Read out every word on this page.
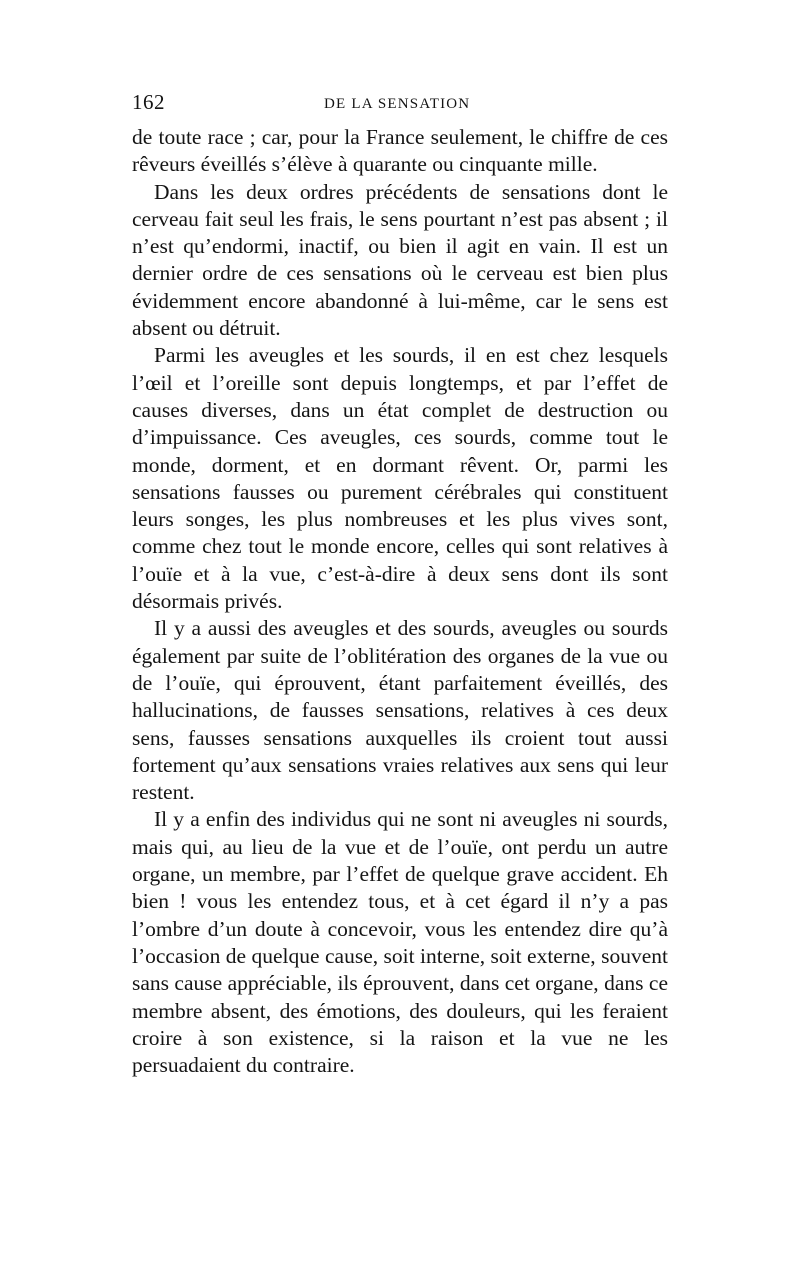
162	DE LA SENSATION

de toute race ; car, pour la France seulement, le chiffre de ces rêveurs éveillés s’élève à quarante ou cinquante mille.

Dans les deux ordres précédents de sensations dont le cerveau fait seul les frais, le sens pourtant n’est pas absent ; il n’est qu’endormi, inactif, ou bien il agit en vain. Il est un dernier ordre de ces sensations où le cerveau est bien plus évidemment encore abandonné à lui-même, car le sens est absent ou détruit.

Parmi les aveugles et les sourds, il en est chez lesquels l’œil et l’oreille sont depuis longtemps, et par l’effet de causes diverses, dans un état complet de destruction ou d’impuissance. Ces aveugles, ces sourds, comme tout le monde, dorment, et en dormant rêvent. Or, parmi les sensations fausses ou purement cérébrales qui constituent leurs songes, les plus nombreuses et les plus vives sont, comme chez tout le monde encore, celles qui sont relatives à l’ouïe et à la vue, c’est-à-dire à deux sens dont ils sont désormais privés.

Il y a aussi des aveugles et des sourds, aveugles ou sourds également par suite de l’oblitération des organes de la vue ou de l’ouïe, qui éprouvent, étant parfaitement éveillés, des hallucinations, de fausses sensations, relatives à ces deux sens, fausses sensations auxquelles ils croient tout aussi fortement qu’aux sensations vraies relatives aux sens qui leur restent.

Il y a enfin des individus qui ne sont ni aveugles ni sourds, mais qui, au lieu de la vue et de l’ouïe, ont perdu un autre organe, un membre, par l’effet de quelque grave accident. Eh bien ! vous les entendez tous, et à cet égard il n’y a pas l’ombre d’un doute à concevoir, vous les entendez dire qu’à l’occasion de quelque cause, soit interne, soit externe, souvent sans cause appréciable, ils éprouvent, dans cet organe, dans ce membre absent, des émotions, des douleurs, qui les feraient croire à son existence, si la raison et la vue ne les persuadaient du contraire.
